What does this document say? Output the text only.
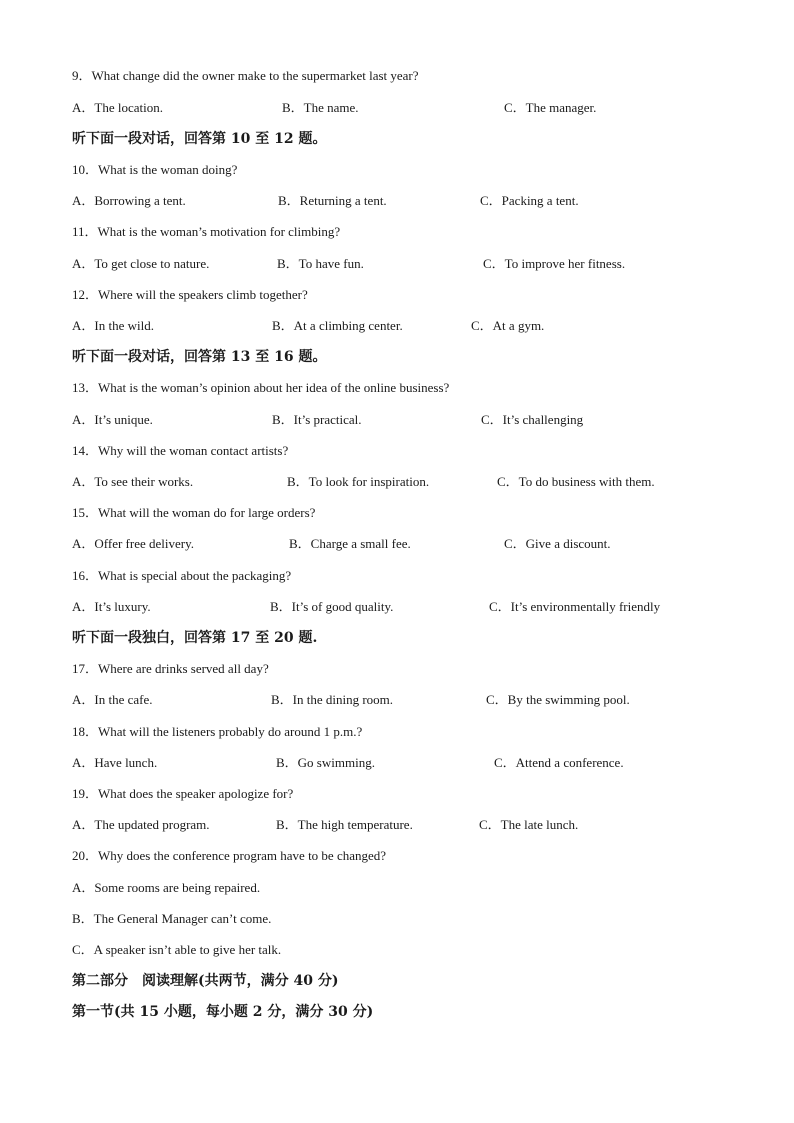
9．What change did the owner make to the supermarket last year?
A．The location.	B．The name.	C．The manager.
听下面一段对话，回答第 10 至 12 题。
10．What is the woman doing?
A．Borrowing a tent.	B．Returning a tent.	C．Packing a tent.
11．What is the woman’s motivation for climbing?
A．To get close to nature.	B．To have fun.	C．To improve her fitness.
12．Where will the speakers climb together?
A．In the wild.	B．At a climbing center.	C．At a gym.
听下面一段对话，回答第 13 至 16 题。
13．What is the woman’s opinion about her idea of the online business?
A．It’s unique.	B．It’s practical.	C．It’s challenging
14．Why will the woman contact artists?
A．To see their works.	B．To look for inspiration.	C．To do business with them.
15．What will the woman do for large orders?
A．Offer free delivery.	B．Charge a small fee.	C．Give a discount.
16．What is special about the packaging?
A．It’s luxury.	B．It’s of good quality.	C．It’s environmentally friendly
听下面一段独白，回答第 17 至 20 题.
17．Where are drinks served all day?
A．In the cafe.	B．In the dining room.	C．By the swimming pool.
18．What will the listeners probably do around 1 p.m.?
A．Have lunch.	B．Go swimming.	C．Attend a conference.
19．What does the speaker apologize for?
A．The updated program.	B．The high temperature.	C．The late lunch.
20．Why does the conference program have to be changed?
A．Some rooms are being repaired.
B．The General Manager can’t come.
C．A speaker isn’t able to give her talk.
第二部分　阅读理解(共两节，满分 40 分)
第一节(共 15 小题，每小题 2 分，满分 30 分)
